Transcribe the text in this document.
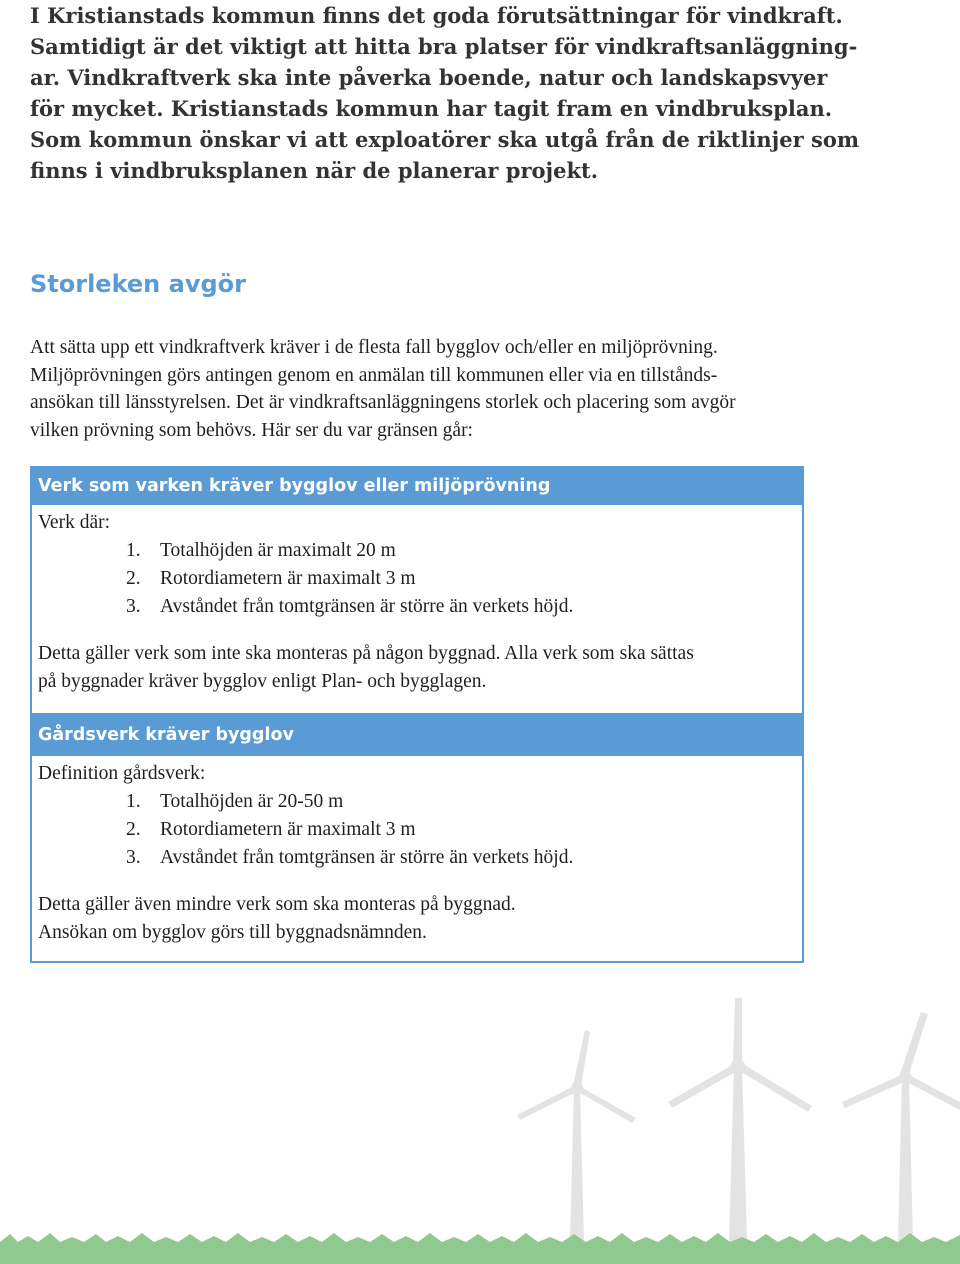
I Kristianstads kommun finns det goda förutsättningar för vindkraft.
Samtidigt är det viktigt att hitta bra platser för vindkraftsanläggning-
ar. Vindkraftverk ska inte påverka boende, natur och landskapsvyer
för mycket. Kristianstads kommun har tagit fram en vindbruksplan.
Som kommun önskar vi att exploatörer ska utgå från de riktlinjer som
finns i vindbruksplanen när de planerar projekt.
Storleken avgör
Att sätta upp ett vindkraftverk kräver i de flesta fall bygglov och/eller en miljöprövning.
Miljöprövningen görs antingen genom en anmälan till kommunen eller via en tillstånds-
ansökan till länsstyrelsen. Det är vindkraftsanläggningens storlek och placering som avgör
vilken prövning som behövs. Här ser du var gränsen går:
Verk som varken kräver bygglov eller miljöprövning
Verk där:
1. Totalhöjden är maximalt 20 m
2. Rotordiametern är maximalt 3 m
3. Avståndet från tomtgränsen är större än verkets höjd.
Detta gäller verk som inte ska monteras på någon byggnad. Alla verk som ska sättas
på byggnader kräver bygglov enligt Plan- och bygglagen.
Gårdsverk kräver bygglov
Definition gårdsverk:
1. Totalhöjden är 20-50 m
2. Rotordiametern är maximalt 3 m
3. Avståndet från tomtgränsen är större än verkets höjd.
Detta gäller även mindre verk som ska monteras på byggnad.
Ansökan om bygglov görs till byggnadsnämnden.
